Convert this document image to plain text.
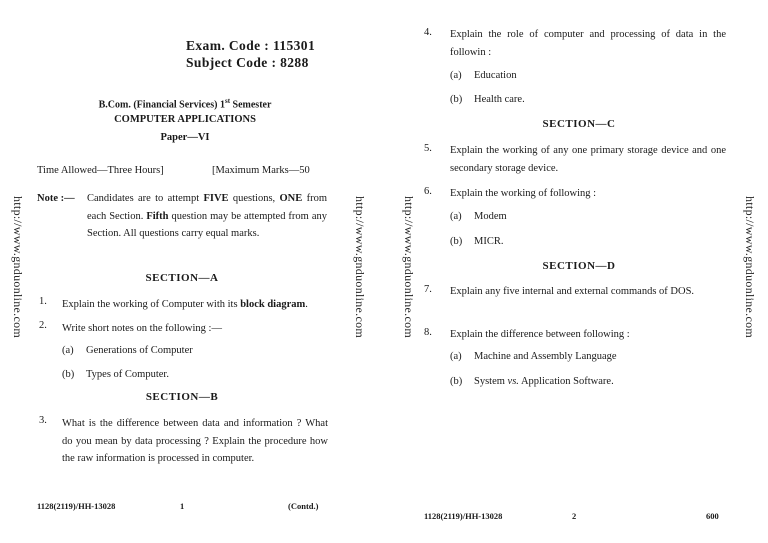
http://www.gnduonline.com	http://www.gnduonline.com
Exam. Code : 115301
Subject Code : 8288
B.Com. (Financial Services) 1st Semester
COMPUTER APPLICATIONS
Paper—VI
Time Allowed—Three Hours]	[Maximum Marks—50
Note :— Candidates are to attempt FIVE questions, ONE from each Section. Fifth question may be attempted from any Section. All questions carry equal marks.
SECTION—A
1. Explain the working of Computer with its block diagram.
2. Write short notes on the following :—
(a) Generations of Computer
(b) Types of Computer.
SECTION—B
3. What is the difference between data and information ? What do you mean by data processing ? Explain the procedure how the raw information is processed in computer.
1128(2119)/HH-13028	1	(Contd.)
http://www.gnduonline.com	http://www.gnduonline.com
4. Explain the role of computer and processing of data in the followin :
(a) Education
(b) Health care.
SECTION—C
5. Explain the working of any one primary storage device and one secondary storage device.
6. Explain the working of following :
(a) Modem
(b) MICR.
SECTION—D
7. Explain any five internal and external commands of DOS.
8. Explain the difference between following :
(a) Machine and Assembly Language
(b) System vs. Application Software.
1128(2119)/HH-13028	2	600
